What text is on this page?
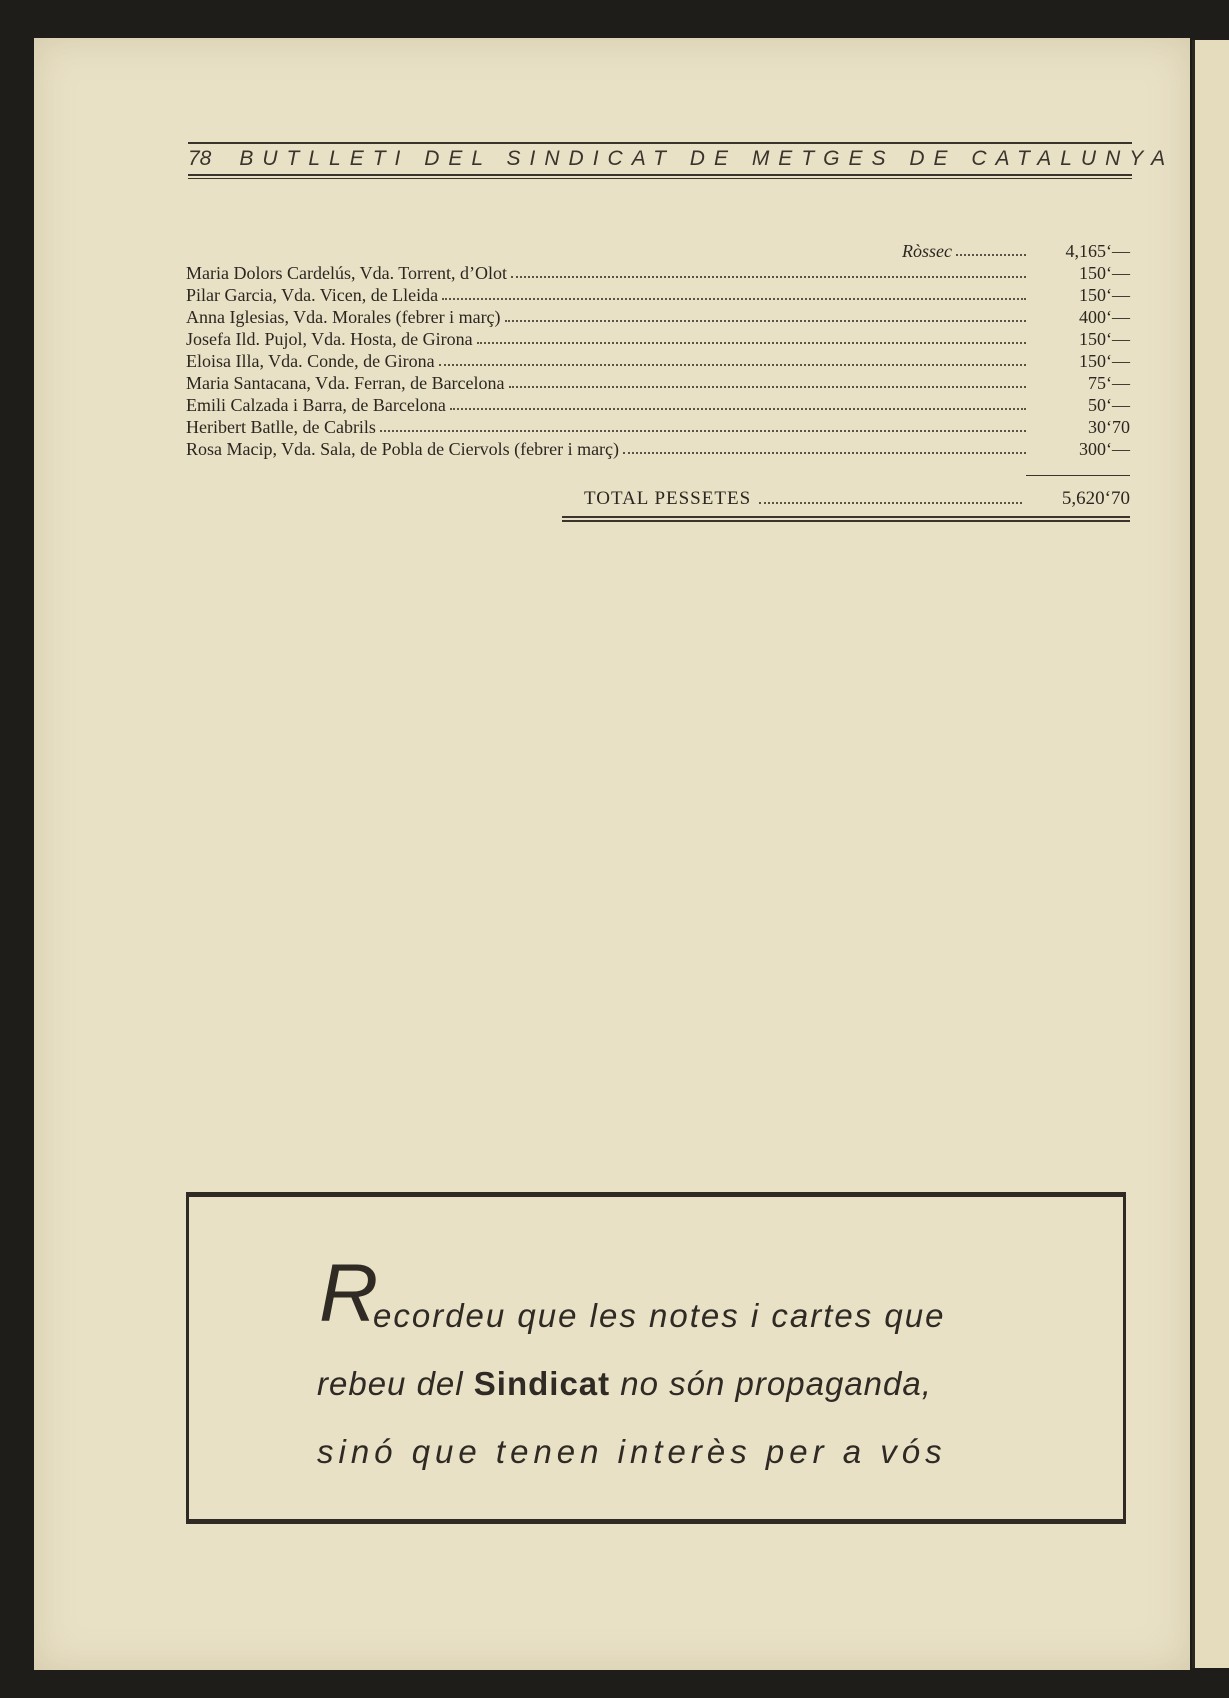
78 BUTLLETI DEL SINDICAT DE METGES DE CATALUNYA
Ròssec	4,165‘—
Maria Dolors Cardelús, Vda. Torrent, d’Olot	150‘—
Pilar Garcia, Vda. Vicen, de Lleida	150‘—
Anna Iglesias, Vda. Morales (febrer i març)	400‘—
Josefa Ild. Pujol, Vda. Hosta, de Girona	150‘—
Eloisa Illa, Vda. Conde, de Girona	150‘—
Maria Santacana, Vda. Ferran, de Barcelona	75‘—
Emili Calzada i Barra, de Barcelona	50‘—
Heribert Batlle, de Cabrils	30‘70
Rosa Macip, Vda. Sala, de Pobla de Ciervols (febrer i març)	300‘—
TOTAL PESSETES	5,620‘70
R
ecordeu que les notes i cartes que
rebeu del Sindicat no són propaganda,
sinó que tenen interès per a vós
